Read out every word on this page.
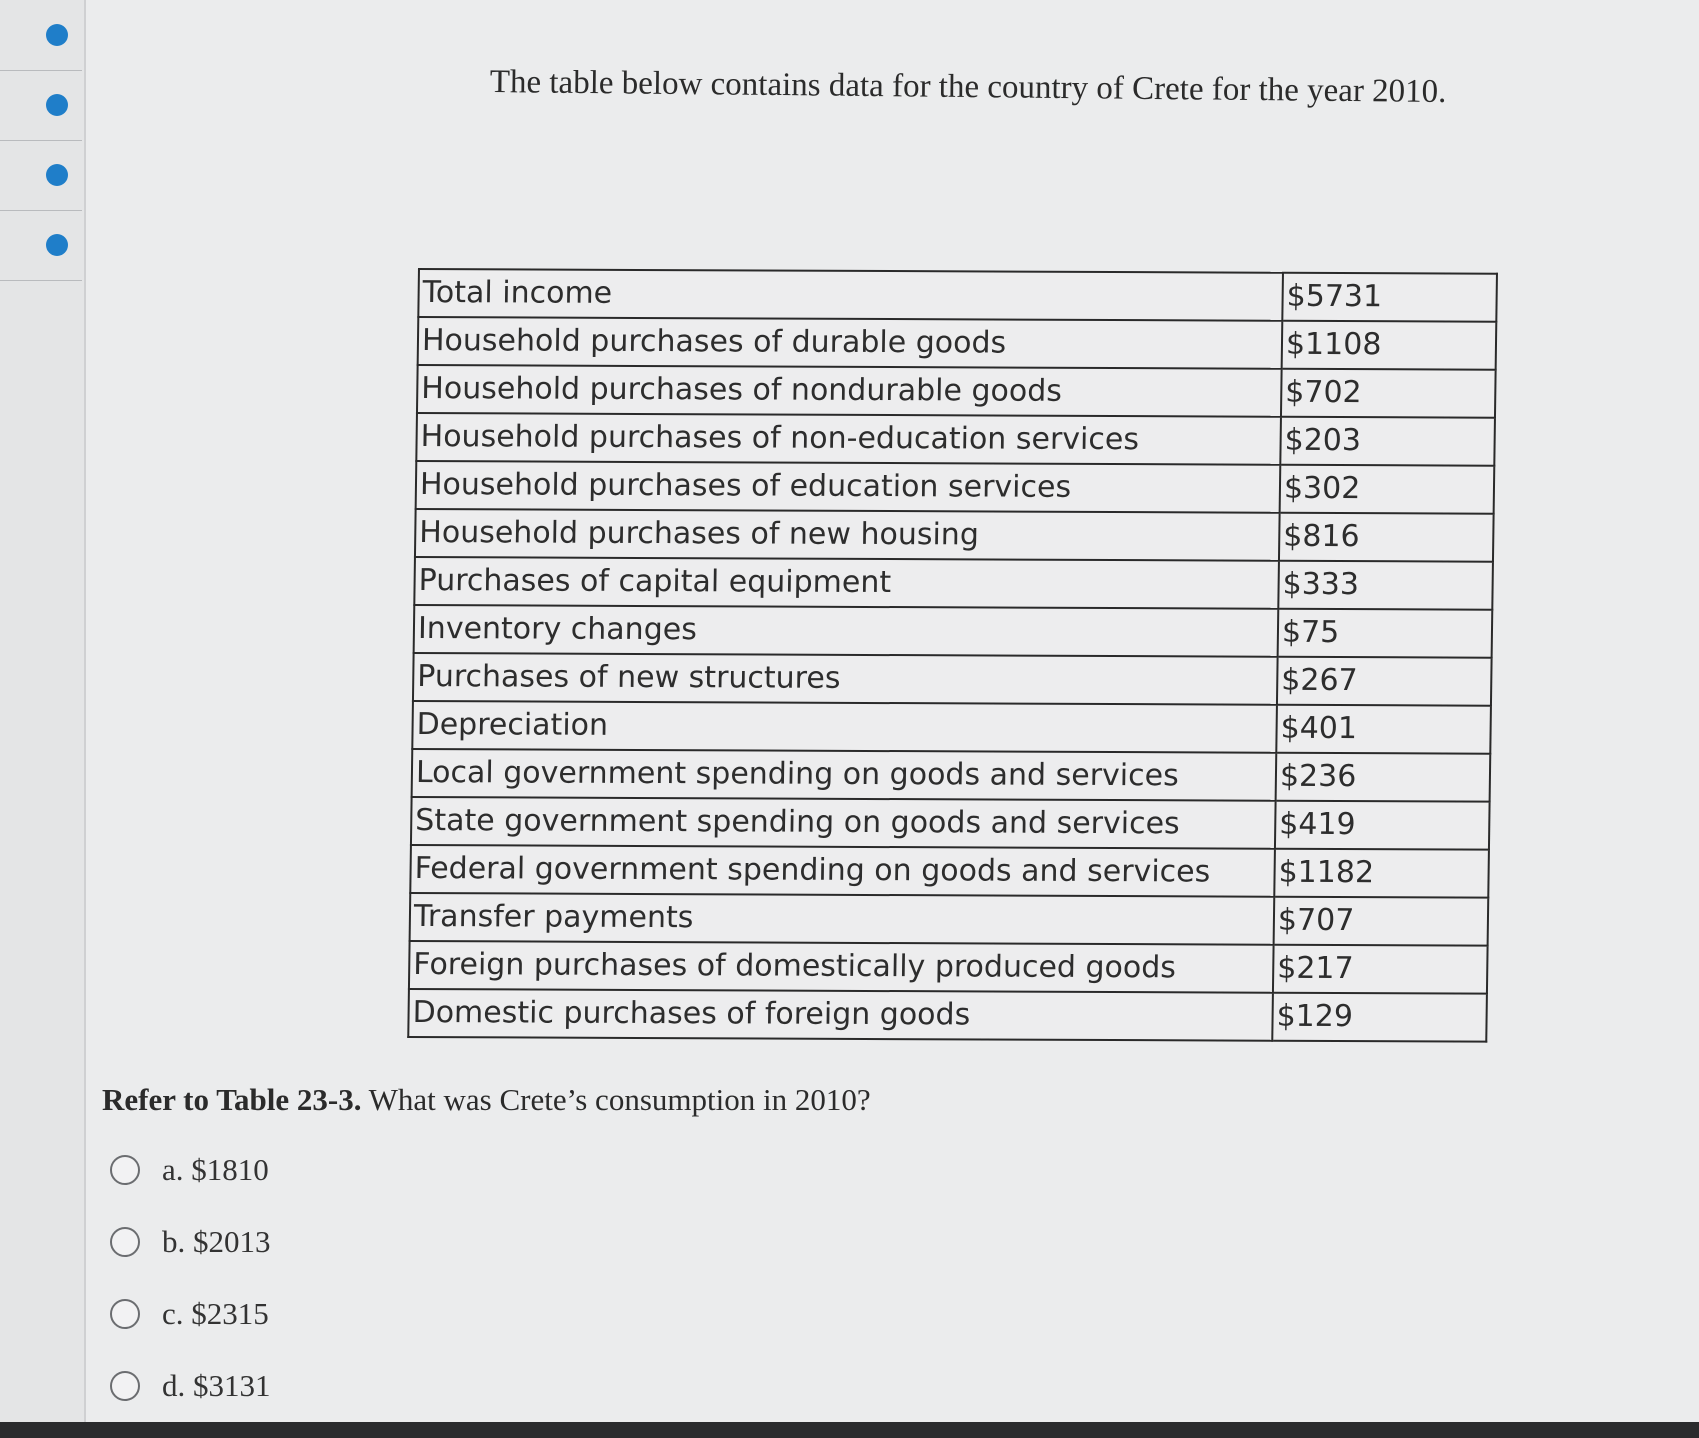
The table below contains data for the country of Crete for the year 2010.
Total income	$5731
Household purchases of durable goods	$1108
Household purchases of nondurable goods	$702
Household purchases of non-education services	$203
Household purchases of education services	$302
Household purchases of new housing	$816
Purchases of capital equipment	$333
Inventory changes	$75
Purchases of new structures	$267
Depreciation	$401
Local government spending on goods and services	$236
State government spending on goods and services	$419
Federal government spending on goods and services	$1182
Transfer payments	$707
Foreign purchases of domestically produced goods	$217
Domestic purchases of foreign goods	$129
Refer to Table 23-3. What was Crete’s consumption in 2010?
a. $1810
b. $2013
c. $2315
d. $3131
